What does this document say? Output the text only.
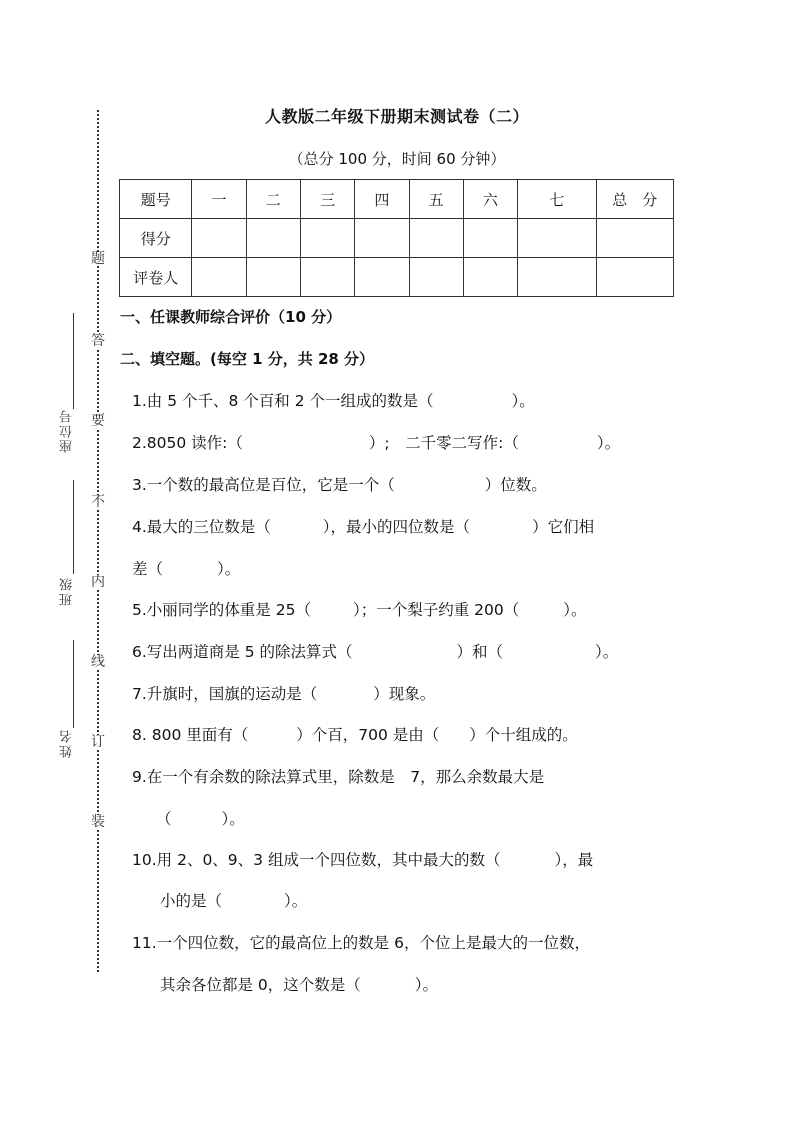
题
答
要
不
内
线
订
装
座位号
班级
姓名
人教版二年级下册期末测试卷（二）
（总分 100 分，时间 60 分钟）
题号	一	二	三	四	五	六	七	总　分
得分								
评卷人								
一、任课教师综合评价（10 分）
二、填空题。(每空 1 分，共 28 分）
1.由 5 个千、8 个百和 2 个一组成的数是（	）。
2.8050 读作:（	）;　二千零二写作:（	）。
3.一个数的最高位是百位，它是一个（	）位数。
4.最大的三位数是（	），最小的四位数是（	）它们相
差（	）。
5.小丽同学的体重是 25（	）；一个梨子约重 200（	）。
6.写出两道商是 5 的除法算式（	）和（	）。
7.升旗时，国旗的运动是（	）现象。
8. 800 里面有（	）个百，700 是由（ ）个十组成的。
9.在一个有余数的除法算式里，除数是　7，那么余数最大是
（	）。
10.用 2、0、9、3 组成一个四位数，其中最大的数（	），最
小的是（	）。
11.一个四位数，它的最高位上的数是 6，个位上是最大的一位数，
其余各位都是 0，这个数是（	）。
